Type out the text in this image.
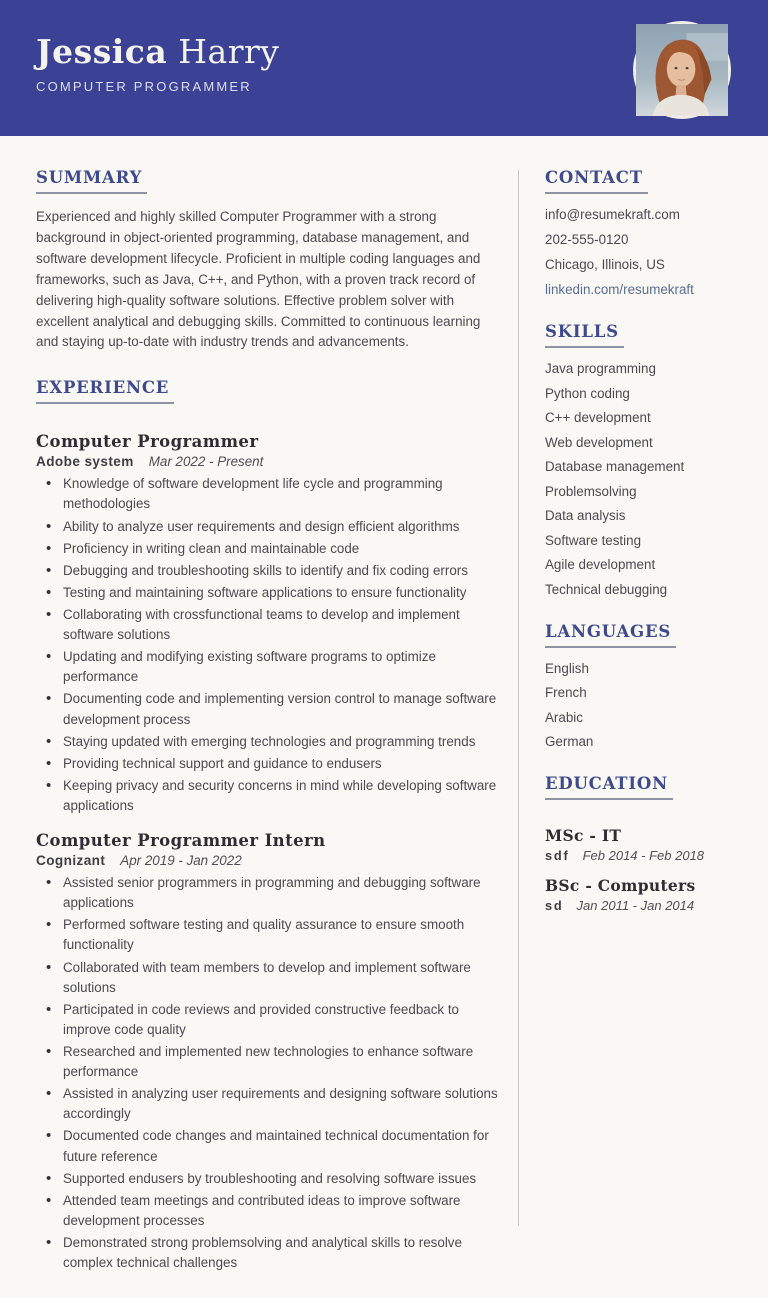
Jessica Harry
COMPUTER PROGRAMMER
SUMMARY

Experienced and highly skilled Computer Programmer with a strong background in object-oriented programming, database management, and software development lifecycle. Proficient in multiple coding languages and frameworks, such as Java, C++, and Python, with a proven track record of delivering high-quality software solutions. Effective problem solver with excellent analytical and debugging skills. Committed to continuous learning and staying up-to-date with industry trends and advancements.

EXPERIENCE
Computer Programmer
Adobe system Mar 2022 - Present
• Knowledge of software development life cycle and programming methodologies
• Ability to analyze user requirements and design efficient algorithms
• Proficiency in writing clean and maintainable code
• Debugging and troubleshooting skills to identify and fix coding errors
• Testing and maintaining software applications to ensure functionality
• Collaborating with crossfunctional teams to develop and implement software solutions
• Updating and modifying existing software programs to optimize performance
• Documenting code and implementing version control to manage software development process
• Staying updated with emerging technologies and programming trends
• Providing technical support and guidance to endusers
• Keeping privacy and security concerns in mind while developing software applications
Computer Programmer Intern
Cognizant Apr 2019 - Jan 2022
• Assisted senior programmers in programming and debugging software applications
• Performed software testing and quality assurance to ensure smooth functionality
• Collaborated with team members to develop and implement software solutions
• Participated in code reviews and provided constructive feedback to improve code quality
• Researched and implemented new technologies to enhance software performance
• Assisted in analyzing user requirements and designing software solutions accordingly
• Documented code changes and maintained technical documentation for future reference
• Supported endusers by troubleshooting and resolving software issues
• Attended team meetings and contributed ideas to improve software development processes
• Demonstrated strong problemsolving and analytical skills to resolve complex technical challenges
CONTACT
info@resumekraft.com
202-555-0120
Chicago, Illinois, US
linkedin.com/resumekraft
SKILLS
Java programming
Python coding
C++ development
Web development
Database management
Problemsolving
Data analysis
Software testing
Agile development
Technical debugging
LANGUAGES
English
French
Arabic
German
EDUCATION
MSc - IT
sdf Feb 2014 - Feb 2018
BSc - Computers
sd Jan 2011 - Jan 2014
